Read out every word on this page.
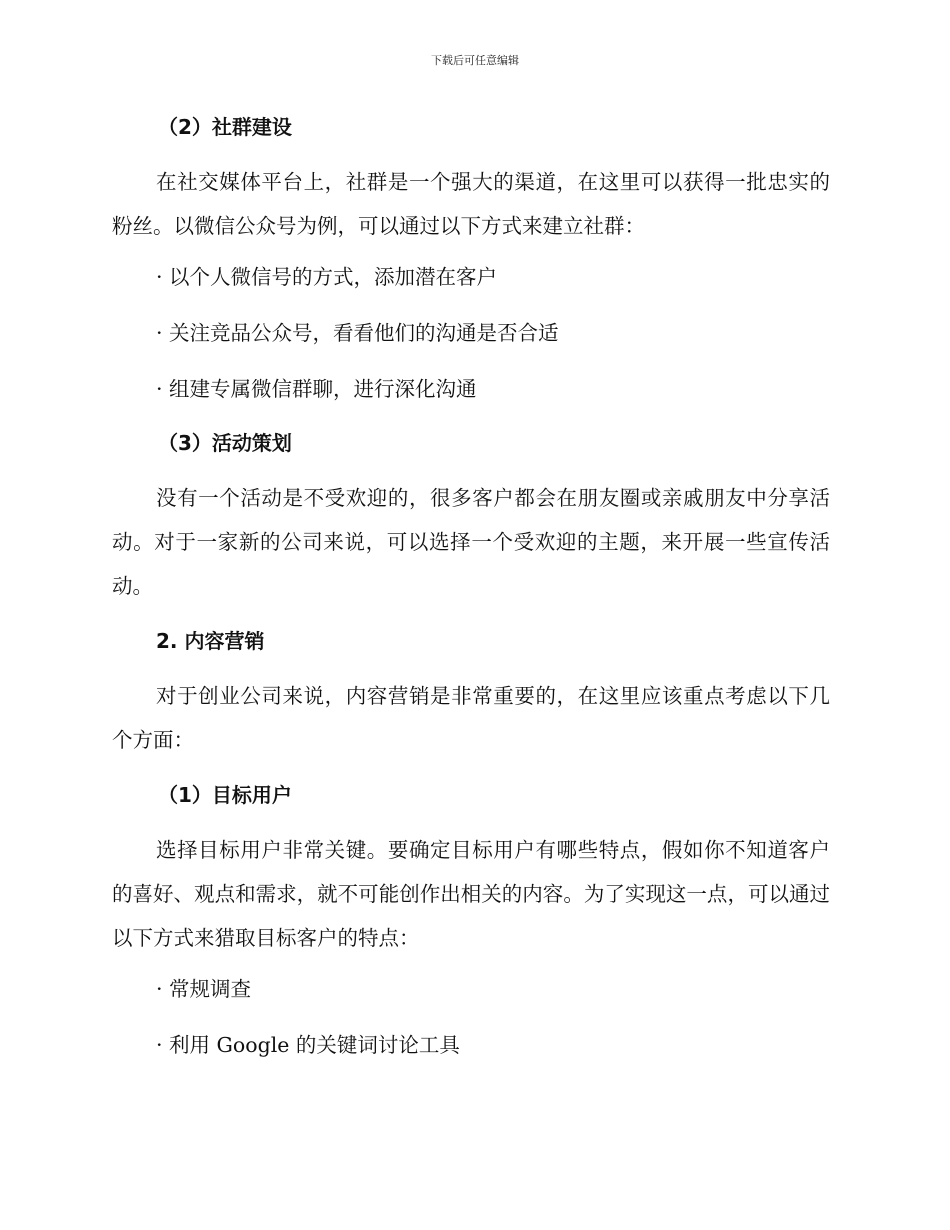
下载后可任意编辑
（2）社群建设

在社交媒体平台上，社群是一个强大的渠道，在这里可以获得一批忠实的粉丝。以微信公众号为例，可以通过以下方式来建立社群：

· 以个人微信号的方式，添加潜在客户

· 关注竞品公众号，看看他们的沟通是否合适

· 组建专属微信群聊，进行深化沟通

（3）活动策划

没有一个活动是不受欢迎的，很多客户都会在朋友圈或亲戚朋友中分享活动。对于一家新的公司来说，可以选择一个受欢迎的主题，来开展一些宣传活动。

2. 内容营销

对于创业公司来说，内容营销是非常重要的，在这里应该重点考虑以下几个方面：

（1）目标用户

选择目标用户非常关键。要确定目标用户有哪些特点，假如你不知道客户的喜好、观点和需求，就不可能创作出相关的内容。为了实现这一点，可以通过以下方式来猎取目标客户的特点：

· 常规调查

· 利用 Google 的关键词讨论工具
